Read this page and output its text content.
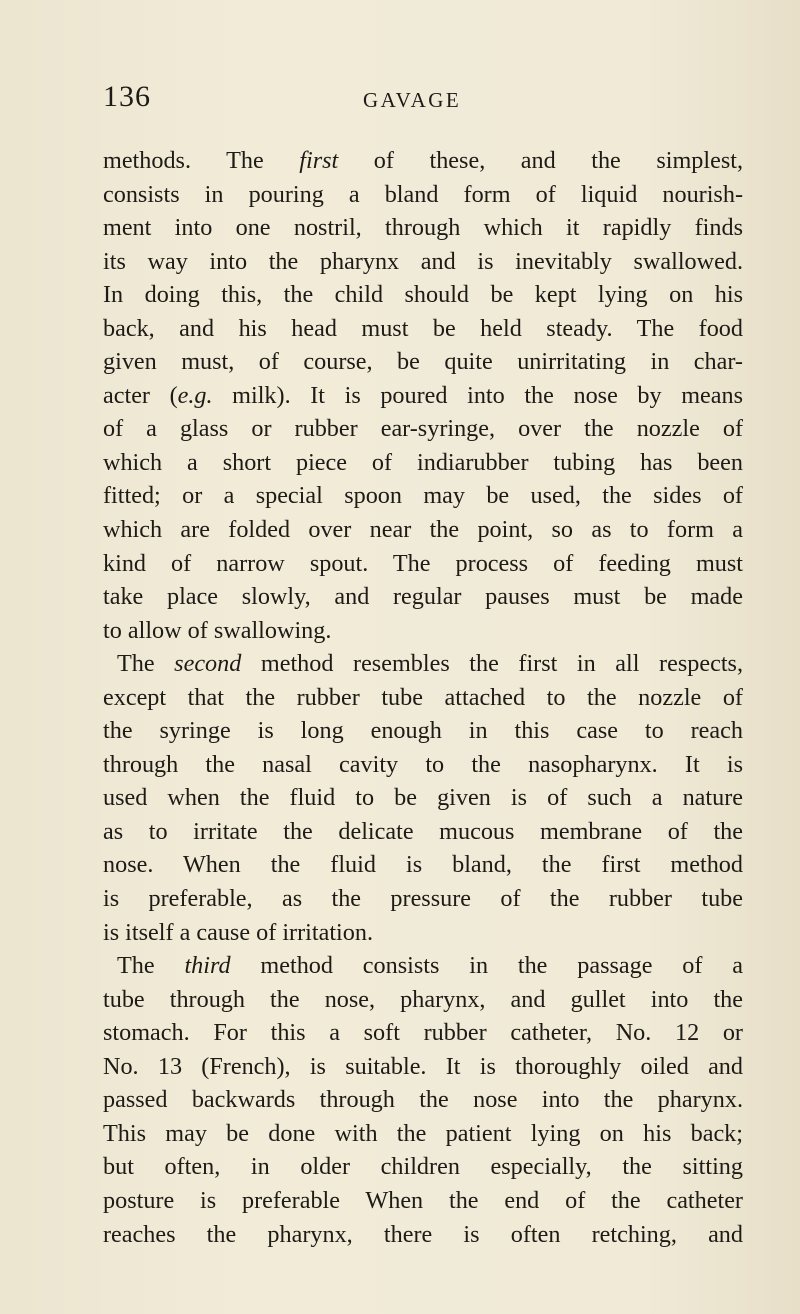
136	GAVAGE
methods. The first of these, and the simplest,
consists in pouring a bland form of liquid nourish-
ment into one nostril, through which it rapidly finds
its way into the pharynx and is inevitably swallowed.
In doing this, the child should be kept lying on his
back, and his head must be held steady. The food
given must, of course, be quite unirritating in char-
acter (e.g. milk). It is poured into the nose by means
of a glass or rubber ear-syringe, over the nozzle of
which a short piece of indiarubber tubing has been
fitted; or a special spoon may be used, the sides of
which are folded over near the point, so as to form a
kind of narrow spout. The process of feeding must
take place slowly, and regular pauses must be made
to allow of swallowing.
The second method resembles the first in all respects,
except that the rubber tube attached to the nozzle of
the syringe is long enough in this case to reach
through the nasal cavity to the nasopharynx. It is
used when the fluid to be given is of such a nature
as to irritate the delicate mucous membrane of the
nose. When the fluid is bland, the first method
is preferable, as the pressure of the rubber tube
is itself a cause of irritation.
The third method consists in the passage of a
tube through the nose, pharynx, and gullet into the
stomach. For this a soft rubber catheter, No. 12 or
No. 13 (French), is suitable. It is thoroughly oiled and
passed backwards through the nose into the pharynx.
This may be done with the patient lying on his back;
but often, in older children especially, the sitting
posture is preferable When the end of the catheter
reaches the pharynx, there is often retching, and
